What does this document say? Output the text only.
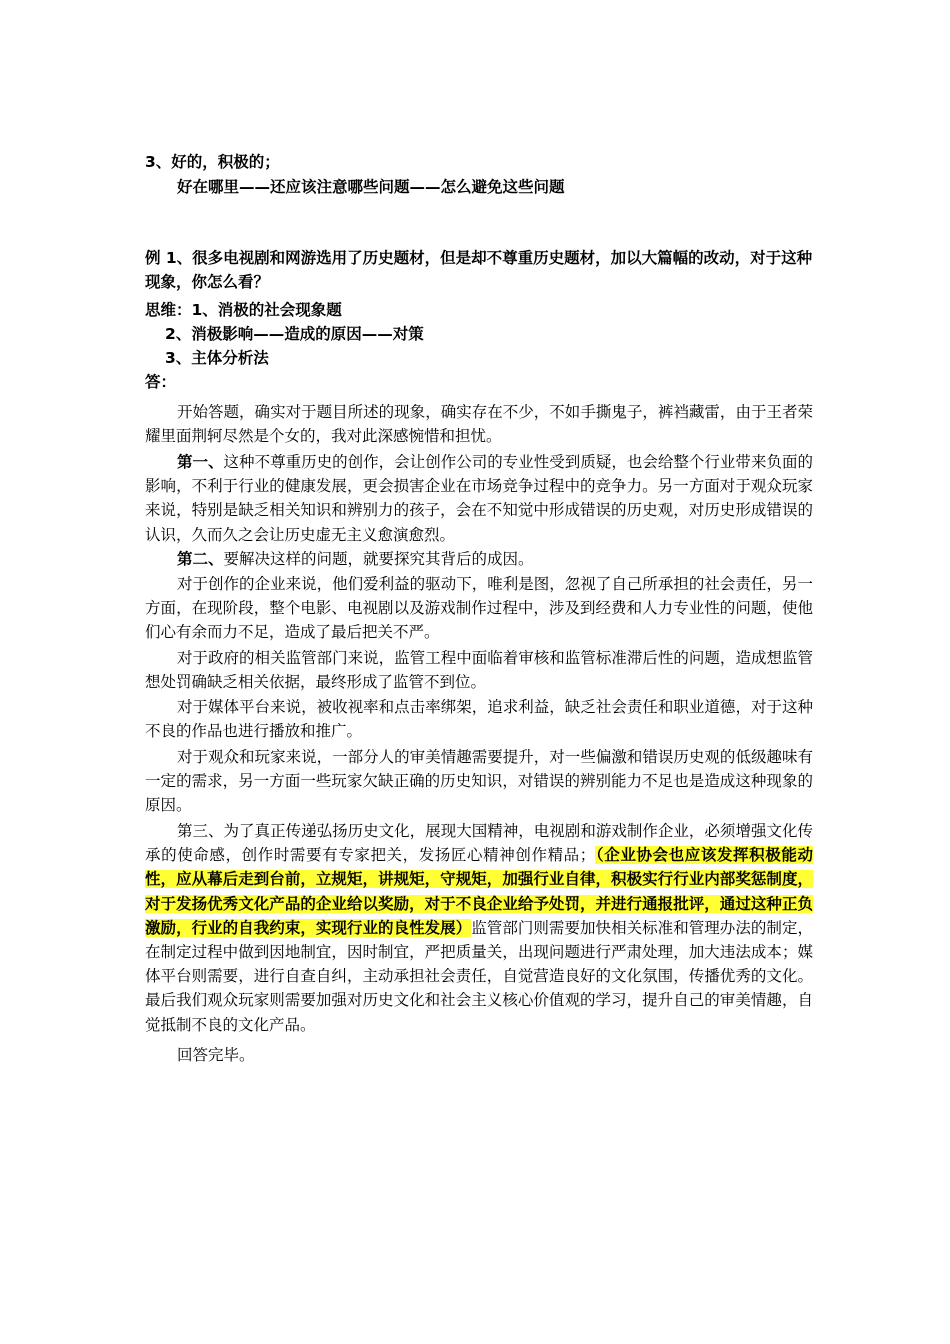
3、好的，积极的；
好在哪里——还应该注意哪些问题——怎么避免这些问题
例 1、很多电视剧和网游选用了历史题材，但是却不尊重历史题材，加以大篇幅的改动，对于这种现象，你怎么看？
思维：1、消极的社会现象题
2、消极影响——造成的原因——对策
3、主体分析法
答：
开始答题，确实对于题目所述的现象，确实存在不少，不如手撕鬼子，裤裆藏雷，由于王者荣耀里面荆轲尽然是个女的，我对此深感惋惜和担忧。
第一、这种不尊重历史的创作，会让创作公司的专业性受到质疑，也会给整个行业带来负面的影响，不利于行业的健康发展，更会损害企业在市场竞争过程中的竞争力。另一方面对于观众玩家来说，特别是缺乏相关知识和辨别力的孩子，会在不知觉中形成错误的历史观，对历史形成错误的认识，久而久之会让历史虚无主义愈演愈烈。
第二、要解决这样的问题，就要探究其背后的成因。
对于创作的企业来说，他们爱利益的驱动下，唯利是图，忽视了自己所承担的社会责任，另一方面，在现阶段，整个电影、电视剧以及游戏制作过程中，涉及到经费和人力专业性的问题，使他们心有余而力不足，造成了最后把关不严。
对于政府的相关监管部门来说，监管工程中面临着审核和监管标准滞后性的问题，造成想监管想处罚确缺乏相关依据，最终形成了监管不到位。
对于媒体平台来说，被收视率和点击率绑架，追求利益，缺乏社会责任和职业道德，对于这种不良的作品也进行播放和推广。
对于观众和玩家来说，一部分人的审美情趣需要提升，对一些偏激和错误历史观的低级趣味有一定的需求，另一方面一些玩家欠缺正确的历史知识，对错误的辨别能力不足也是造成这种现象的原因。
第三、为了真正传递弘扬历史文化，展现大国精神，电视剧和游戏制作企业，必须增强文化传承的使命感，创作时需要有专家把关，发扬匠心精神创作精品；（企业协会也应该发挥积极能动性，应从幕后走到台前，立规矩，讲规矩，守规矩，加强行业自律，积极实行行业内部奖惩制度，对于发扬优秀文化产品的企业给以奖励，对于不良企业给予处罚，并进行通报批评，通过这种正负激励，行业的自我约束，实现行业的良性发展）监管部门则需要加快相关标准和管理办法的制定，在制定过程中做到因地制宜，因时制宜，严把质量关，出现问题进行严肃处理，加大违法成本；媒体平台则需要，进行自查自纠，主动承担社会责任，自觉营造良好的文化氛围，传播优秀的文化。最后我们观众玩家则需要加强对历史文化和社会主义核心价值观的学习，提升自己的审美情趣，自觉抵制不良的文化产品。
回答完毕。
